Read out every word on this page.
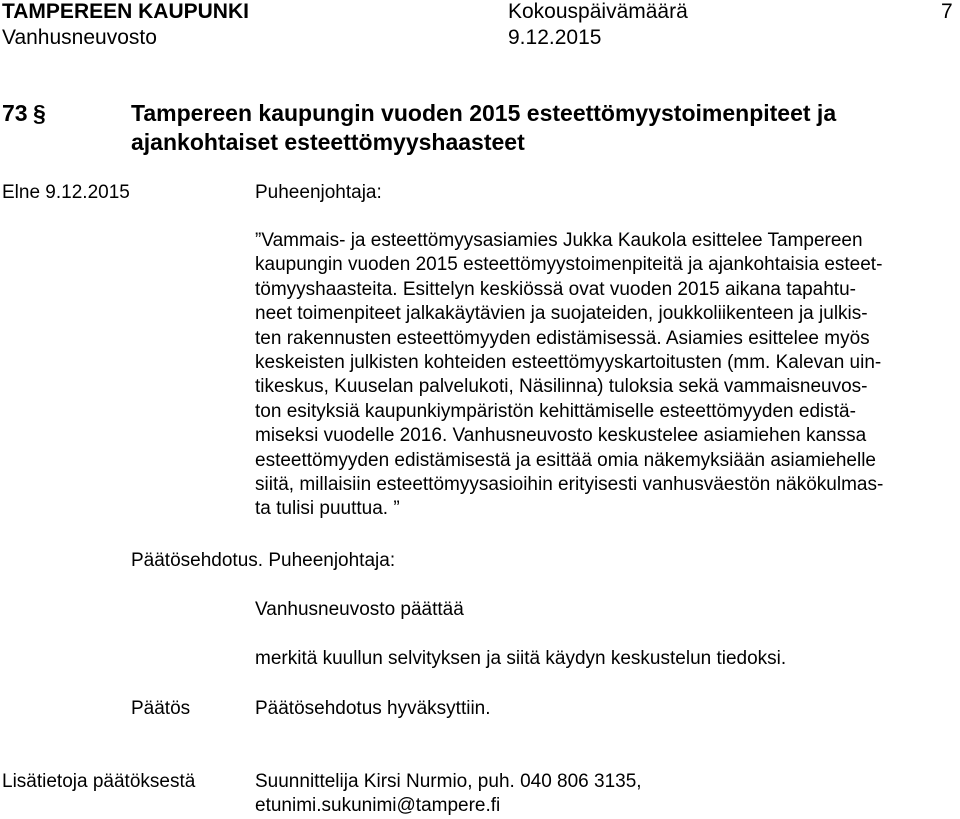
TAMPEREEN KAUPUNKI	Kokouspäivämäärä	7
Vanhusneuvosto	9.12.2015
73 §	Tampereen kaupungin vuoden 2015 esteettömyystoimenpiteet ja
ajankohtaiset esteettömyyshaasteet
Elne 9.12.2015	Puheenjohtaja:
”Vammais- ja esteettömyysasiamies Jukka Kaukola esittelee Tampereen
kaupungin vuoden 2015 esteettömyystoimenpiteitä ja ajankohtaisia esteet-
tömyyshaasteita. Esittelyn keskiössä ovat vuoden 2015 aikana tapahtu-
neet toimenpiteet jalkakäytävien ja suojateiden, joukkoliikenteen ja julkis-
ten rakennusten esteettömyyden edistämisessä. Asiamies esittelee myös
keskeisten julkisten kohteiden esteettömyyskartoitusten (mm. Kalevan uin-
tikeskus, Kuuselan palvelukoti, Näsilinna) tuloksia sekä vammaisneuvos-
ton esityksiä kaupunkiympäristön kehittämiselle esteettömyyden edistä-
miseksi vuodelle 2016. Vanhusneuvosto keskustelee asiamiehen kanssa
esteettömyyden edistämisestä ja esittää omia näkemyksiään asiamiehelle
siitä, millaisiin esteettömyysasioihin erityisesti vanhusväestön näkökulmas-
ta tulisi puuttua. ”
Päätösehdotus. Puheenjohtaja:
Vanhusneuvosto päättää
merkitä kuullun selvityksen ja siitä käydyn keskustelun tiedoksi.
Päätös	Päätösehdotus hyväksyttiin.
Lisätietoja päätöksestä	Suunnittelija Kirsi Nurmio, puh. 040 806 3135,
etunimi.sukunimi@tampere.fi
